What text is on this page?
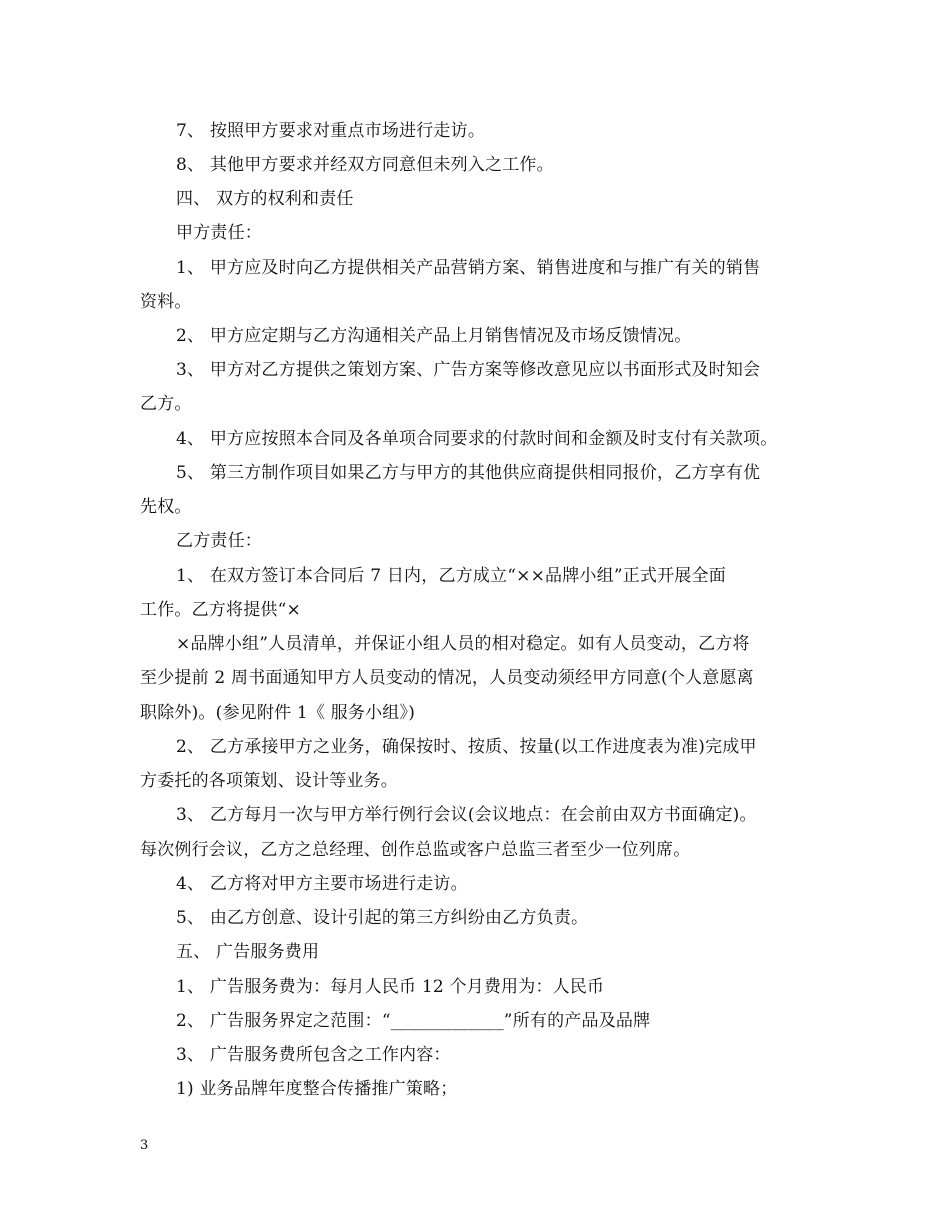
7、 按照甲方要求对重点市场进行走访。
8、 其他甲方要求并经双方同意但未列入之工作。
四、 双方的权利和责任
甲方责任：
1、 甲方应及时向乙方提供相关产品营销方案、销售进度和与推广有关的销售
资料。
2、 甲方应定期与乙方沟通相关产品上月销售情况及市场反馈情况。
3、 甲方对乙方提供之策划方案、广告方案等修改意见应以书面形式及时知会
乙方。
4、 甲方应按照本合同及各单项合同要求的付款时间和金额及时支付有关款项。
5、 第三方制作项目如果乙方与甲方的其他供应商提供相同报价，乙方享有优
先权。
乙方责任：
1、 在双方签订本合同后 7 日内，乙方成立“××品牌小组”正式开展全面
工作。乙方将提供“×
×品牌小组”人员清单，并保证小组人员的相对稳定。如有人员变动，乙方将
至少提前 2 周书面通知甲方人员变动的情况，人员变动须经甲方同意(个人意愿离
职除外)。(参见附件 1《 服务小组》)
2、 乙方承接甲方之业务，确保按时、按质、按量(以工作进度表为准)完成甲
方委托的各项策划、设计等业务。
3、 乙方每月一次与甲方举行例行会议(会议地点：在会前由双方书面确定)。
每次例行会议，乙方之总经理、创作总监或客户总监三者至少一位列席。
4、 乙方将对甲方主要市场进行走访。
5、 由乙方创意、设计引起的第三方纠纷由乙方负责。
五、 广告服务费用
1、 广告服务费为：每月人民币 12 个月费用为：人民币
2、 广告服务界定之范围：“_____________”所有的产品及品牌
3、 广告服务费所包含之工作内容：
1) 业务品牌年度整合传播推广策略；
3
